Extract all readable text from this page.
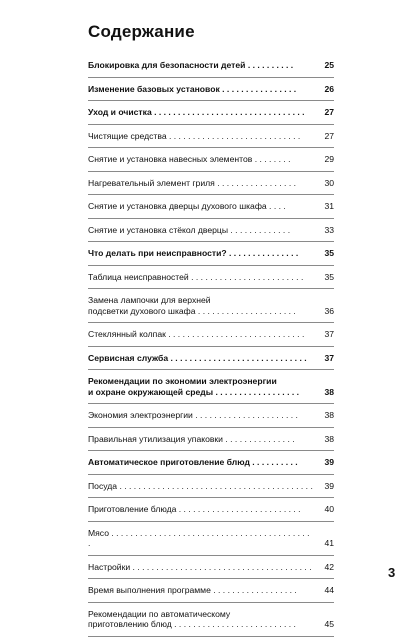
Содержание
Блокировка для безопасности детей . . . . . . . . . .	25
Изменение базовых установок . . . . . . . . . . . . . . . .	26
Уход и очистка . . . . . . . . . . . . . . . . . . . . . . . . . . . . . . . .	27
Чистящие средства . . . . . . . . . . . . . . . . . . . . . . . . . . . .	27
Снятие и установка навесных элементов . . . . . . . .	29
Нагревательный элемент гриля . . . . . . . . . . . . . . . . .	30
Снятие и установка дверцы духового шкафа . . . .	31
Снятие и установка стёкол дверцы . . . . . . . . . . . . .	33
Что делать при неисправности? . . . . . . . . . . . . . . .	35
Таблица неисправностей . . . . . . . . . . . . . . . . . . . . . . . .	35
Замена лампочки для верхней
подсветки духового шкафа . . . . . . . . . . . . . . . . . . . . .	36
Стеклянный колпак . . . . . . . . . . . . . . . . . . . . . . . . . . . . .	37
Сервисная служба . . . . . . . . . . . . . . . . . . . . . . . . . . . . .	37
Рекомендации по экономии электроэнергии
и охране окружающей среды . . . . . . . . . . . . . . . . . .	38
Экономия электроэнергии . . . . . . . . . . . . . . . . . . . . . .	38
Правильная утилизация упаковки . . . . . . . . . . . . . . .	38
Автоматическое приготовление блюд . . . . . . . . . .	39
Посуда . . . . . . . . . . . . . . . . . . . . . . . . . . . . . . . . . . . . . . . . .	39
Приготовление блюда . . . . . . . . . . . . . . . . . . . . . . . . . .	40
Мясо . . . . . . . . . . . . . . . . . . . . . . . . . . . . . . . . . . . . . . . . . . .	41
Настройки . . . . . . . . . . . . . . . . . . . . . . . . . . . . . . . . . . . . . .	42
Время выполнения программе . . . . . . . . . . . . . . . . . .	44
Рекомендации по автоматическому
приготовлению блюд . . . . . . . . . . . . . . . . . . . . . . . . . .	45
3
